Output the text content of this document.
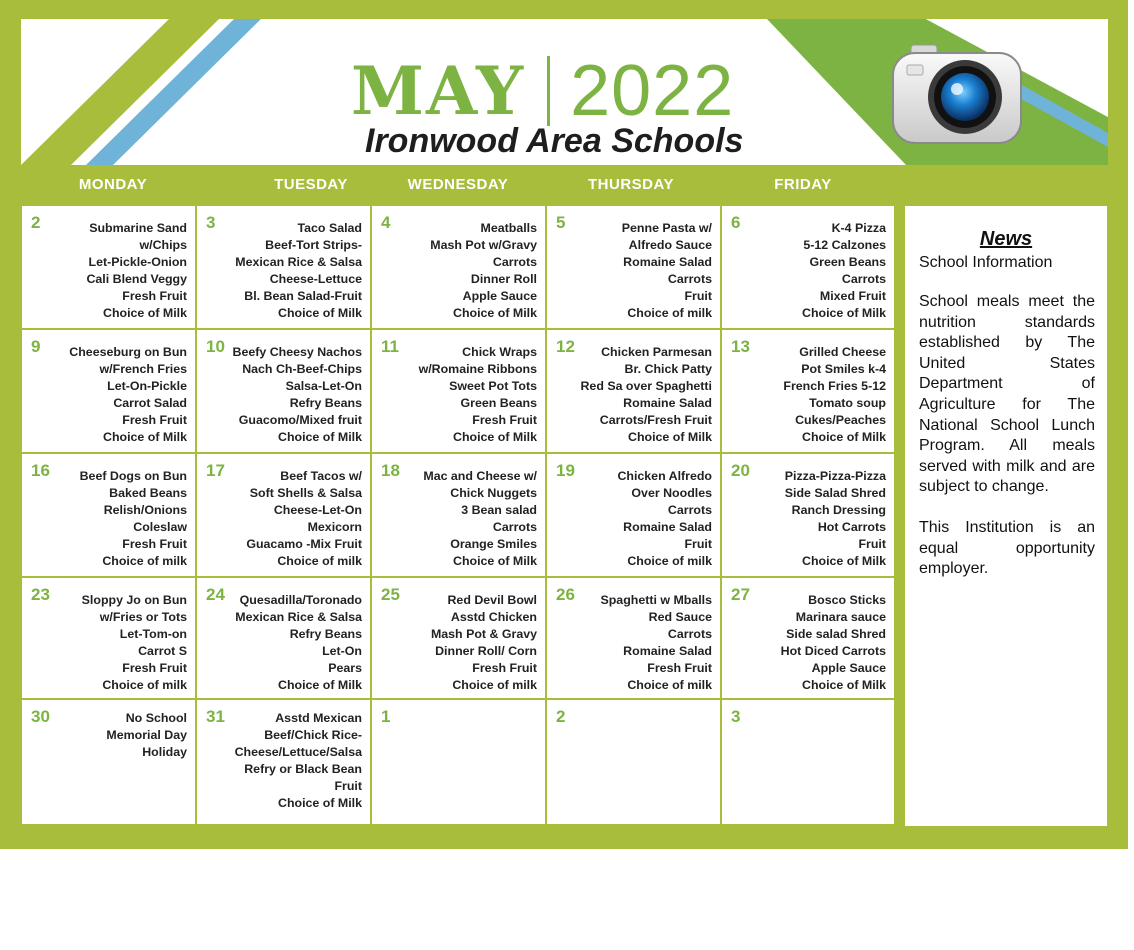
MAY 2022
Ironwood Area Schools
MONDAY	TUESDAY	WEDNESDAY	THURSDAY	FRIDAY
2	Submarine Sand
w/Chips
Let-Pickle-Onion
Cali Blend Veggy
Fresh Fruit
Choice of Milk
3	Taco Salad
Beef-Tort Strips-
Mexican Rice & Salsa
Cheese-Lettuce
Bl. Bean Salad-Fruit
Choice of Milk
4	Meatballs
Mash Pot w/Gravy
Carrots
Dinner Roll
Apple Sauce
Choice of Milk
5	Penne Pasta w/
Alfredo Sauce
Romaine Salad
Carrots
Fruit
Choice of milk
6	K-4 Pizza
5-12 Calzones
Green Beans
Carrots
Mixed Fruit
Choice of Milk
9	Cheeseburg on Bun
w/French Fries
Let-On-Pickle
Carrot Salad
Fresh Fruit
Choice of Milk
10 Beefy Cheesy Nachos
Nach Ch-Beef-Chips
Salsa-Let-On
Refry Beans
Guacomo/Mixed fruit
Choice of Milk
11	Chick Wraps
w/Romaine Ribbons
Sweet Pot Tots
Green Beans
Fresh Fruit
Choice of Milk
12	Chicken Parmesan
Br. Chick Patty
Red Sa over Spaghetti
Romaine Salad
Carrots/Fresh Fruit
Choice of Milk
13	Grilled Cheese
Pot Smiles k-4
French Fries 5-12
Tomato soup
Cukes/Peaches
Choice of Milk
16	Beef Dogs on Bun
Baked Beans
Relish/Onions
Coleslaw
Fresh Fruit
Choice of milk
17	Beef Tacos w/
Soft Shells & Salsa
Cheese-Let-On
Mexicorn
Guacamo -Mix Fruit
Choice of milk
18	Mac and Cheese w/
Chick Nuggets
3 Bean salad
Carrots
Orange Smiles
Choice of Milk
19	Chicken Alfredo
Over Noodles
Carrots
Romaine Salad
Fruit
Choice of milk
20	Pizza-Pizza-Pizza
Side Salad Shred
Ranch Dressing
Hot Carrots
Fruit
Choice of Milk
23	Sloppy Jo on Bun
w/Fries or Tots
Let-Tom-on
Carrot S
Fresh Fruit
Choice of milk
24	Quesadilla/Toronado
Mexican Rice & Salsa
Refry Beans
Let-On
Pears
Choice of Milk
25	Red Devil Bowl
Asstd Chicken
Mash Pot & Gravy
Dinner Roll/ Corn
Fresh Fruit
Choice of milk
26	Spaghetti w Mballs
Red Sauce
Carrots
Romaine Salad
Fresh Fruit
Choice of milk
27	Bosco Sticks
Marinara sauce
Side salad Shred
Hot Diced Carrots
Apple Sauce
Choice of Milk
30	No School
Memorial Day
Holiday
31	Asstd Mexican
Beef/Chick Rice-
Cheese/Lettuce/Salsa
Refry or Black Bean
Fruit
Choice of Milk
1	2	3
News
School Information
School meals meet the nutrition standards established by The United States Department of Agriculture for The National School Lunch Program. All meals served with milk and are subject to change.
This Institution is an equal opportunity employer.
